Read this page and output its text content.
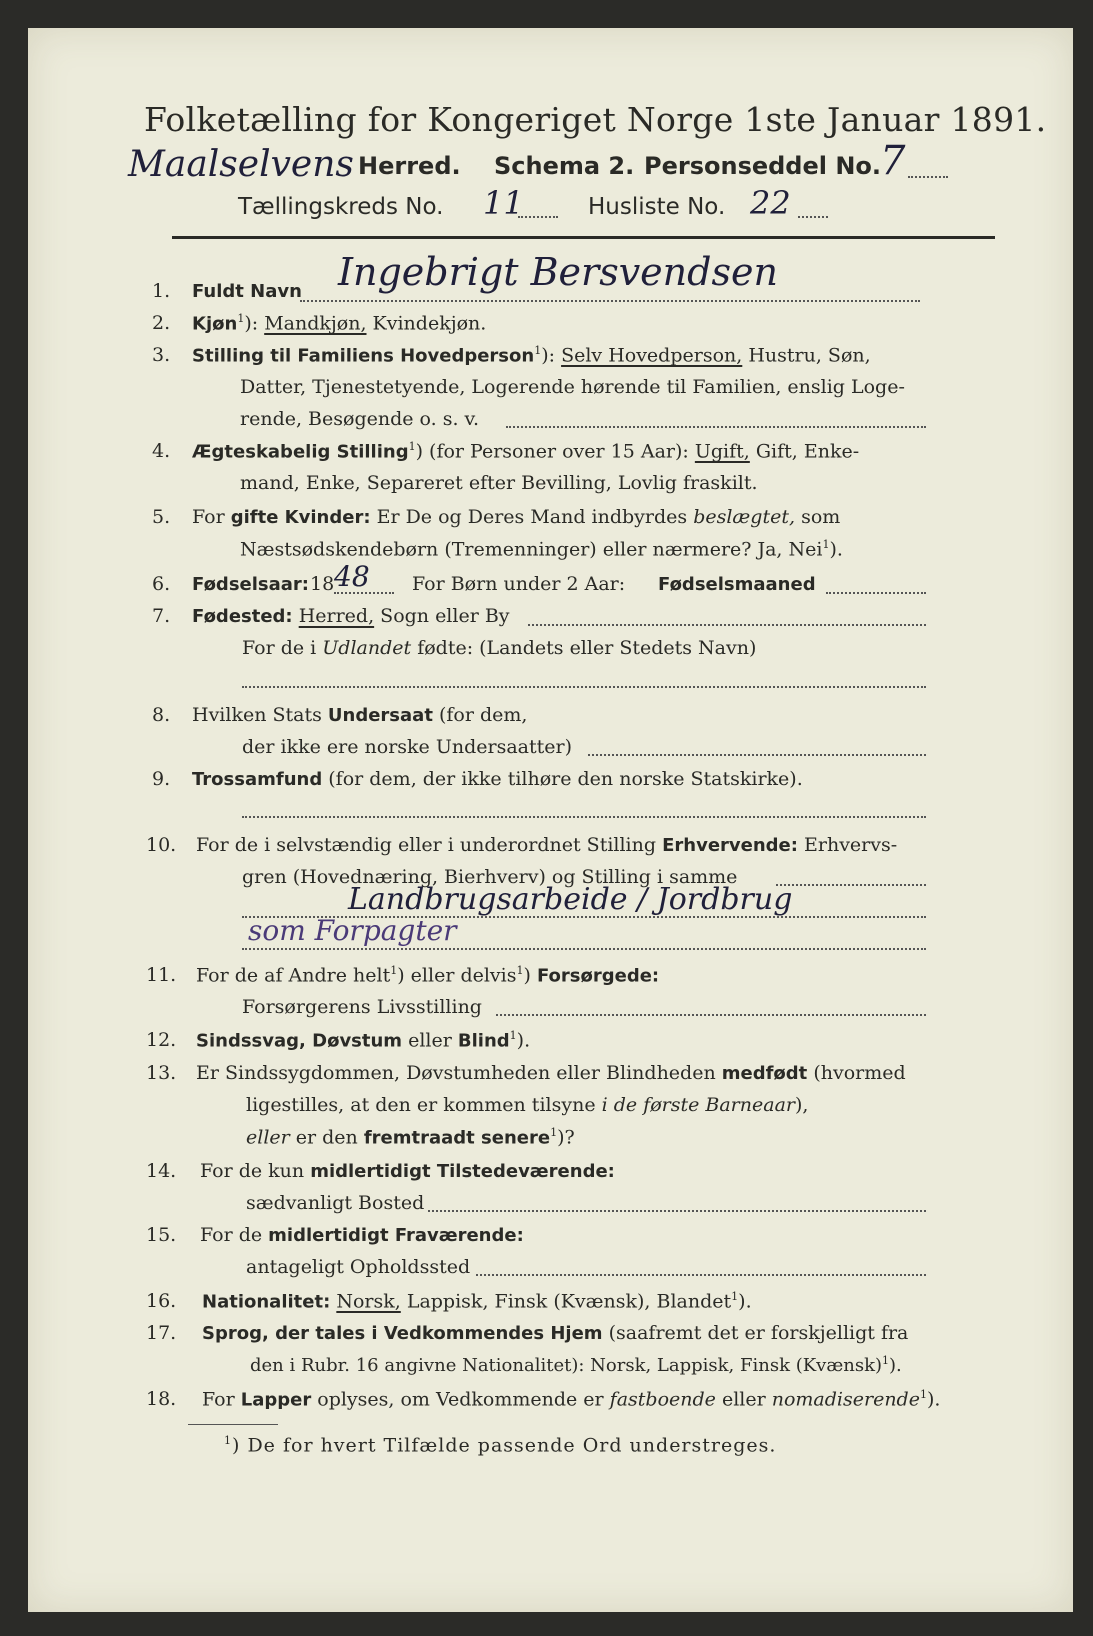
Folketælling for Kongeriget Norge 1ste Januar 1891.
Maalselvens Herred. Schema 2. Personseddel No.
7
Tællingskreds No. 11	Husliste No. 22
1. Fuldt Navn Ingebrigt Bersvendsen
2. Kjøn$^1$): Mandkjøn, Kvindekjøn.
3. Stilling til Familiens Hovedperson$^1$): Selv Hovedperson, Hustru, Søn,
Datter, Tjenestetyende, Logerende hørende til Familien, enslig Loge-
rende, Besøgende o. s. v.
4. Ægteskabelig Stilling$^1$) (for Personer over 15 Aar): Ugift, Gift, Enke-
mand, Enke, Separeret efter Bevilling, Lovlig fraskilt.
5. For gifte Kvinder: Er De og Deres Mand indbyrdes beslægtet, som
Næstsødskendebørn (Tremenninger) eller nærmere? Ja, Nei$^1$).
6. Fødselsaar: 18 48 For Børn under 2 Aar: Fødselsmaaned
7. Fødested: Herred, Sogn eller By
For de i Udlandet fødte: (Landets eller Stedets Navn)
8. Hvilken Stats Undersaat (for dem,
der ikke ere norske Undersaatter)
9. Trossamfund (for dem, der ikke tilhøre den norske Statskirke).
10. For de i selvstændig eller i underordnet Stilling Erhvervende: Erhvervs-
gren (Hovednæring, Bierhverv) og Stilling i samme
Landbrugsarbeide / Jordbrug
som Forpagter
11. For de af Andre helt$^1$) eller delvis$^1$) Forsørgede:
Forsørgerens Livsstilling
12. Sindssvag, Døvstum eller Blind$^1$).
13. Er Sindssygdommen, Døvstumheden eller Blindheden medfødt (hvormed
ligestilles, at den er kommen tilsyne i de første Barneaar),
eller er den fremtraadt senere$^1$)?
14. For de kun midlertidigt Tilstedeværende:
sædvanligt Bosted
15. For de midlertidigt Fraværende:
antageligt Opholdssted
16. Nationalitet: Norsk, Lappisk, Finsk (Kvænsk), Blandet$^1$).
17. Sprog, der tales i Vedkommendes Hjem (saafremt det er forskjelligt fra
den i Rubr. 16 angivne Nationalitet): Norsk, Lappisk, Finsk (Kvænsk)$^1$).
18. For Lapper oplyses, om Vedkommende er fastboende eller nomadiserende$^1$).
$^1$) De for hvert Tilfælde passende Ord understreges.
